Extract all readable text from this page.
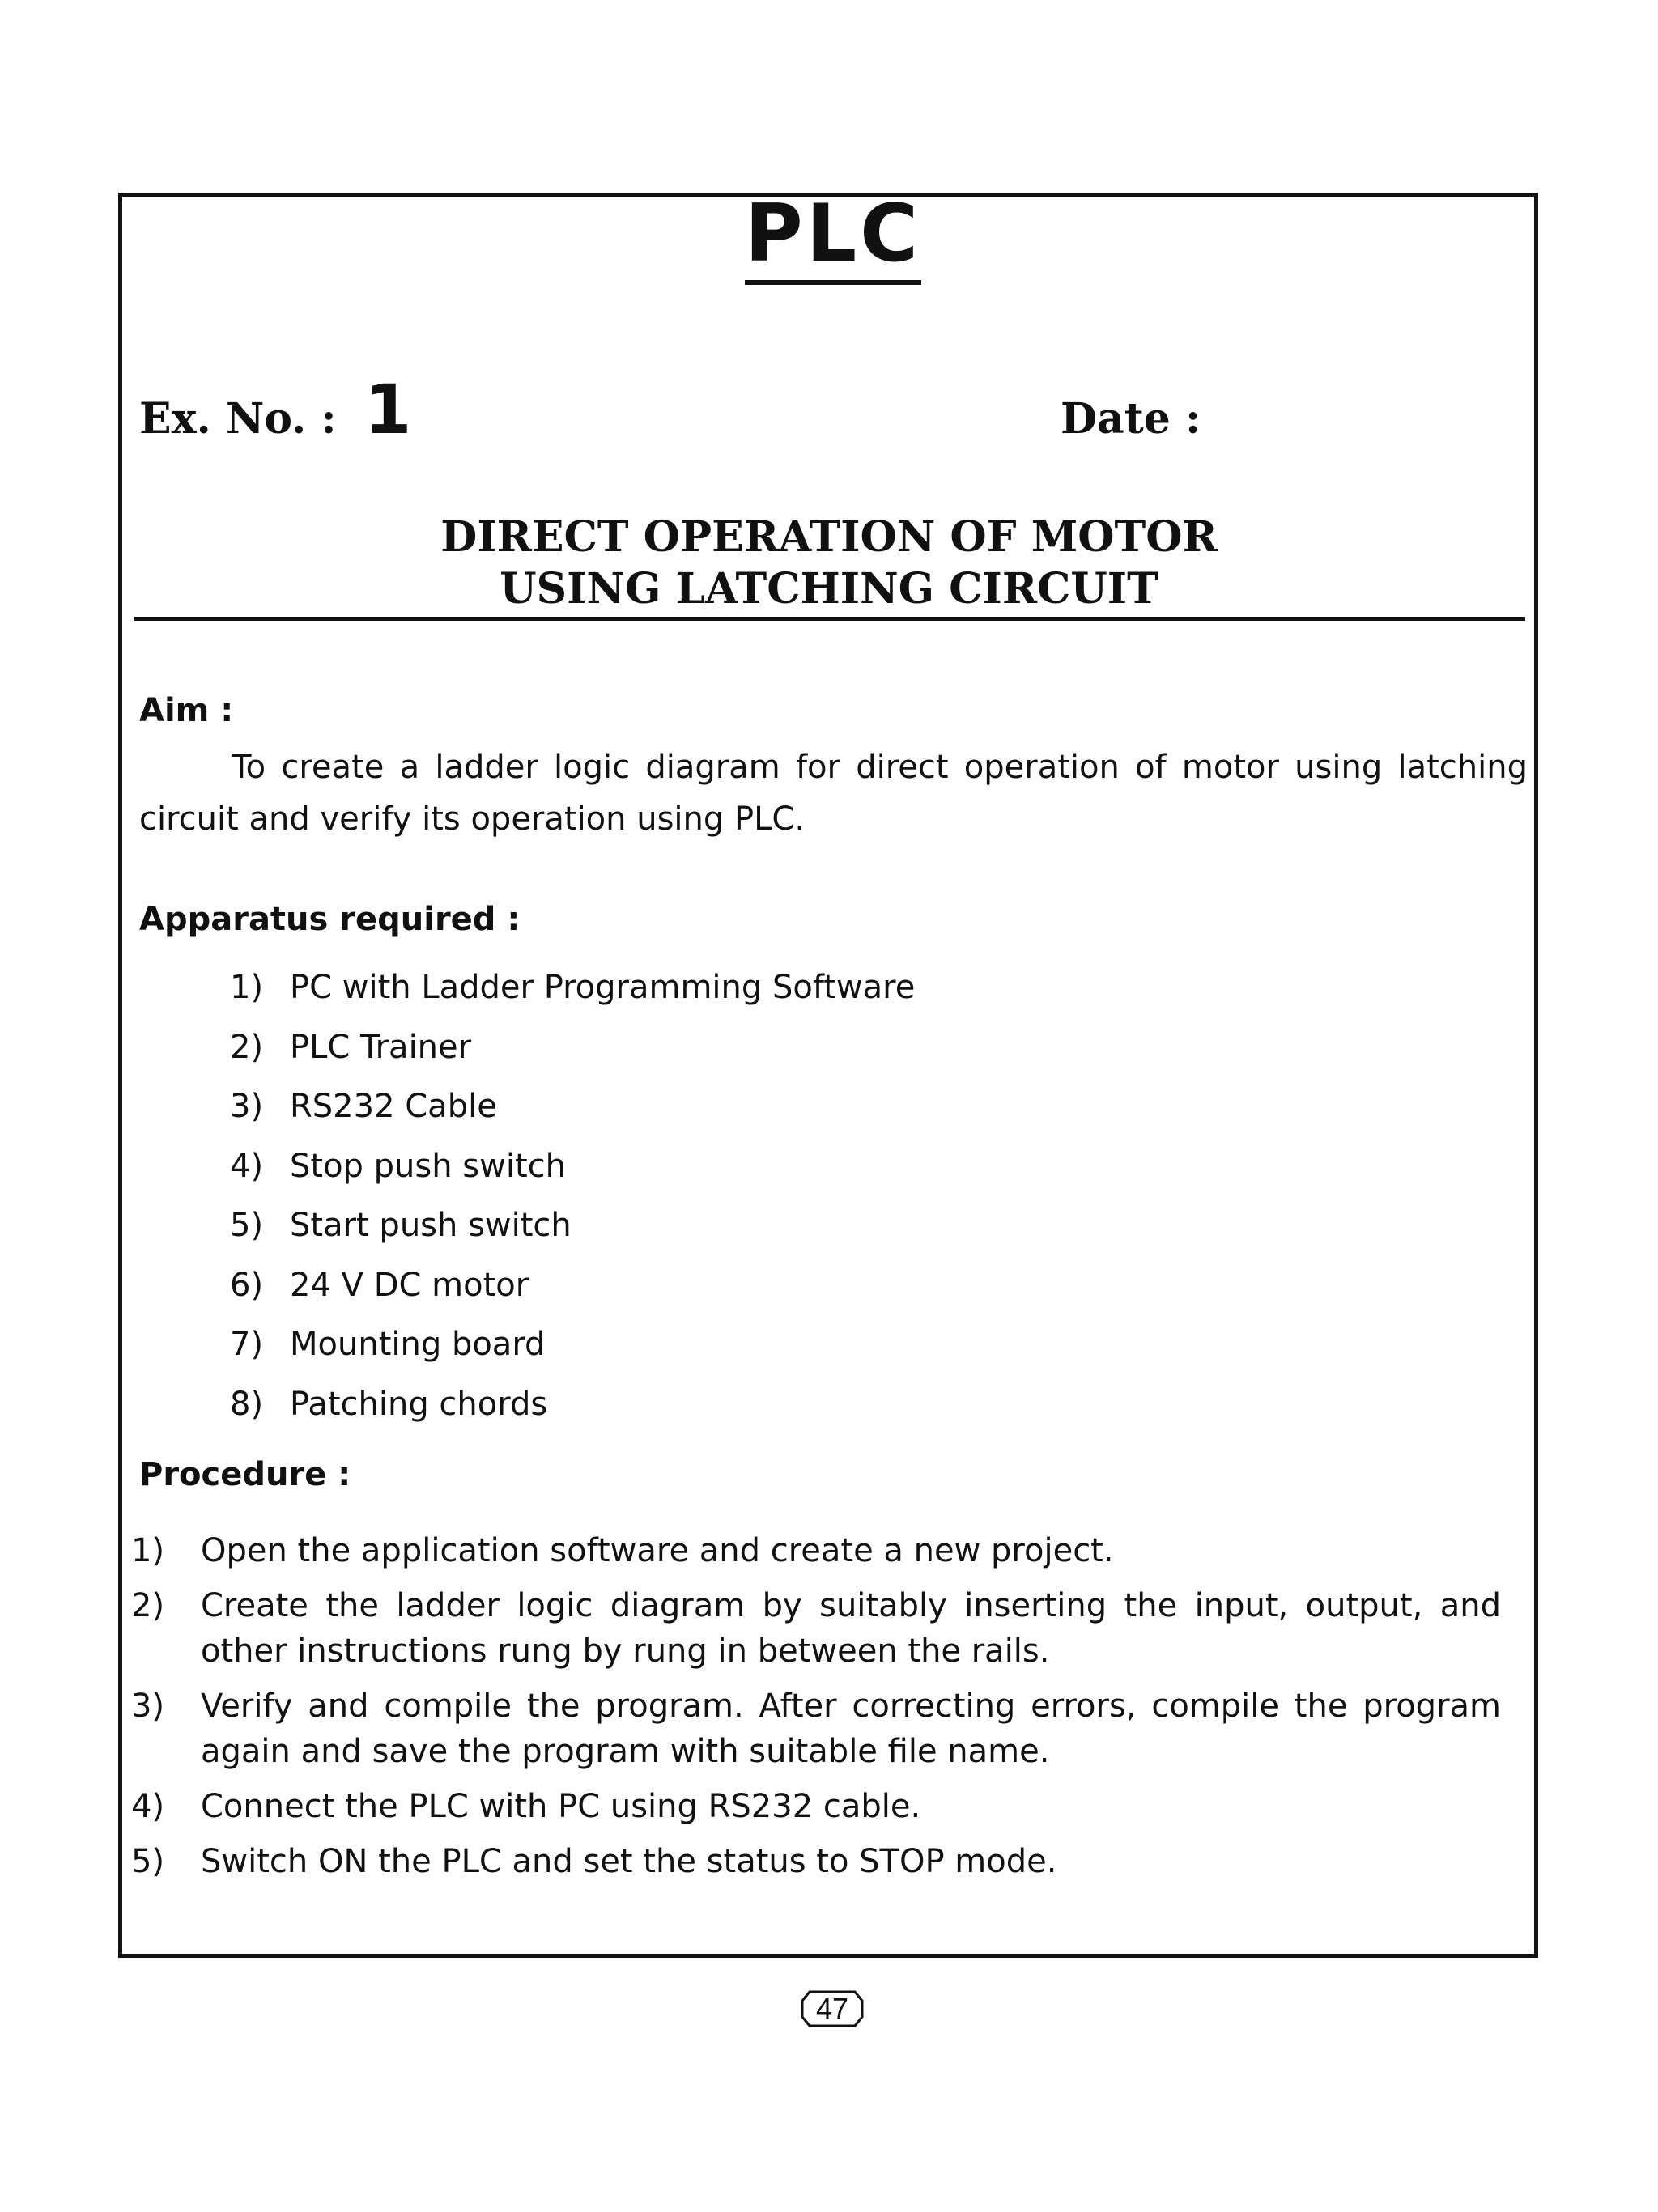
PLC
Ex. No. : 1	Date :
DIRECT OPERATION OF MOTOR
USING LATCHING CIRCUIT
Aim :
To create a ladder logic diagram for direct operation of motor using latching circuit and verify its operation using PLC.
Apparatus required :
1) PC with Ladder Programming Software
2) PLC Trainer
3) RS232 Cable
4) Stop push switch
5) Start push switch
6) 24 V DC motor
7) Mounting board
8) Patching chords
Procedure :
1) Open the application software and create a new project.
2) Create the ladder logic diagram by suitably inserting the input, output, and other instructions rung by rung in between the rails.
3) Verify and compile the program. After correcting errors, compile the program again and save the program with suitable file name.
4) Connect the PLC with PC using RS232 cable.
5) Switch ON the PLC and set the status to STOP mode.
47
